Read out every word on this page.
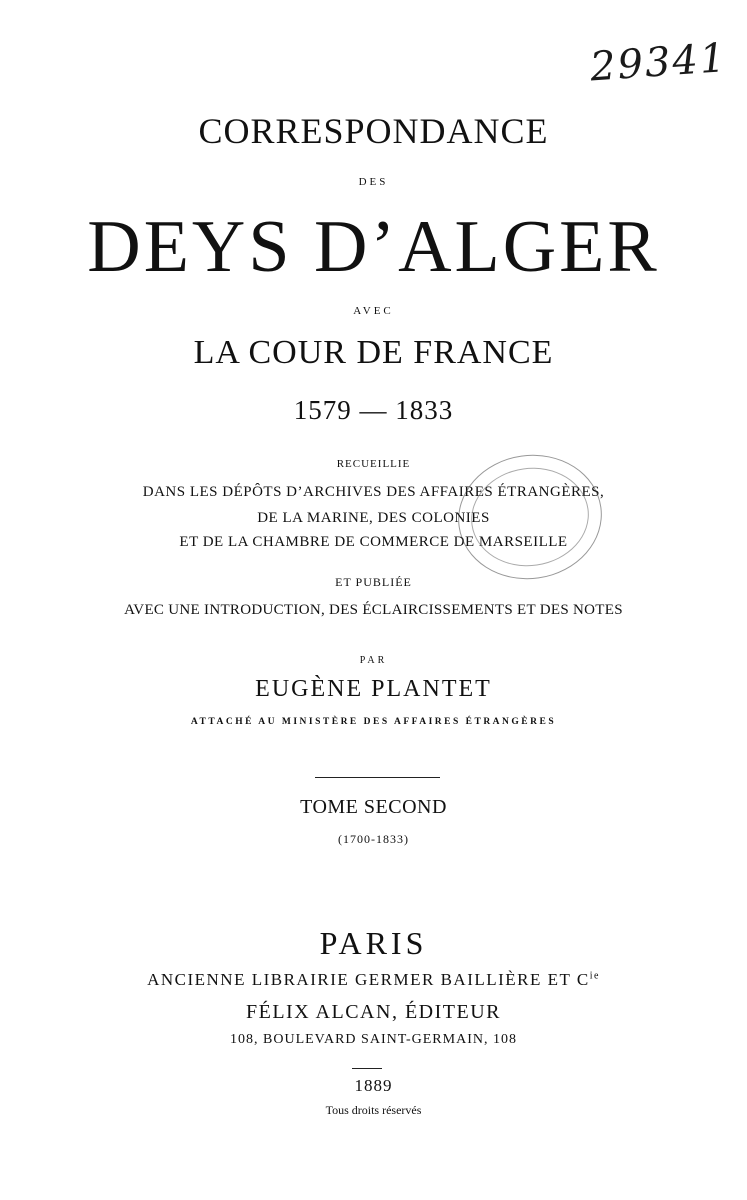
29341
CORRESPONDANCE
DES
DEYS D’ALGER
AVEC
LA COUR DE FRANCE
1579 — 1833
RECUEILLIE
DANS LES DÉPÔTS D’ARCHIVES DES AFFAIRES ÉTRANGÈRES,
DE LA MARINE, DES COLONIES
ET DE LA CHAMBRE DE COMMERCE DE MARSEILLE
ET PUBLIÉE
AVEC UNE INTRODUCTION, DES ÉCLAIRCISSEMENTS ET DES NOTES
PAR
EUGÈNE PLANTET
ATTACHÉ AU MINISTÈRE DES AFFAIRES ÉTRANGÈRES
TOME SECOND
(1700-1833)
PARIS
ANCIENNE LIBRAIRIE GERMER BAILLIÈRE ET $C^{ie}$
FÉLIX ALCAN, ÉDITEUR
108, BOULEVARD SAINT-GERMAIN, 108
1889
Tous droits réservés
